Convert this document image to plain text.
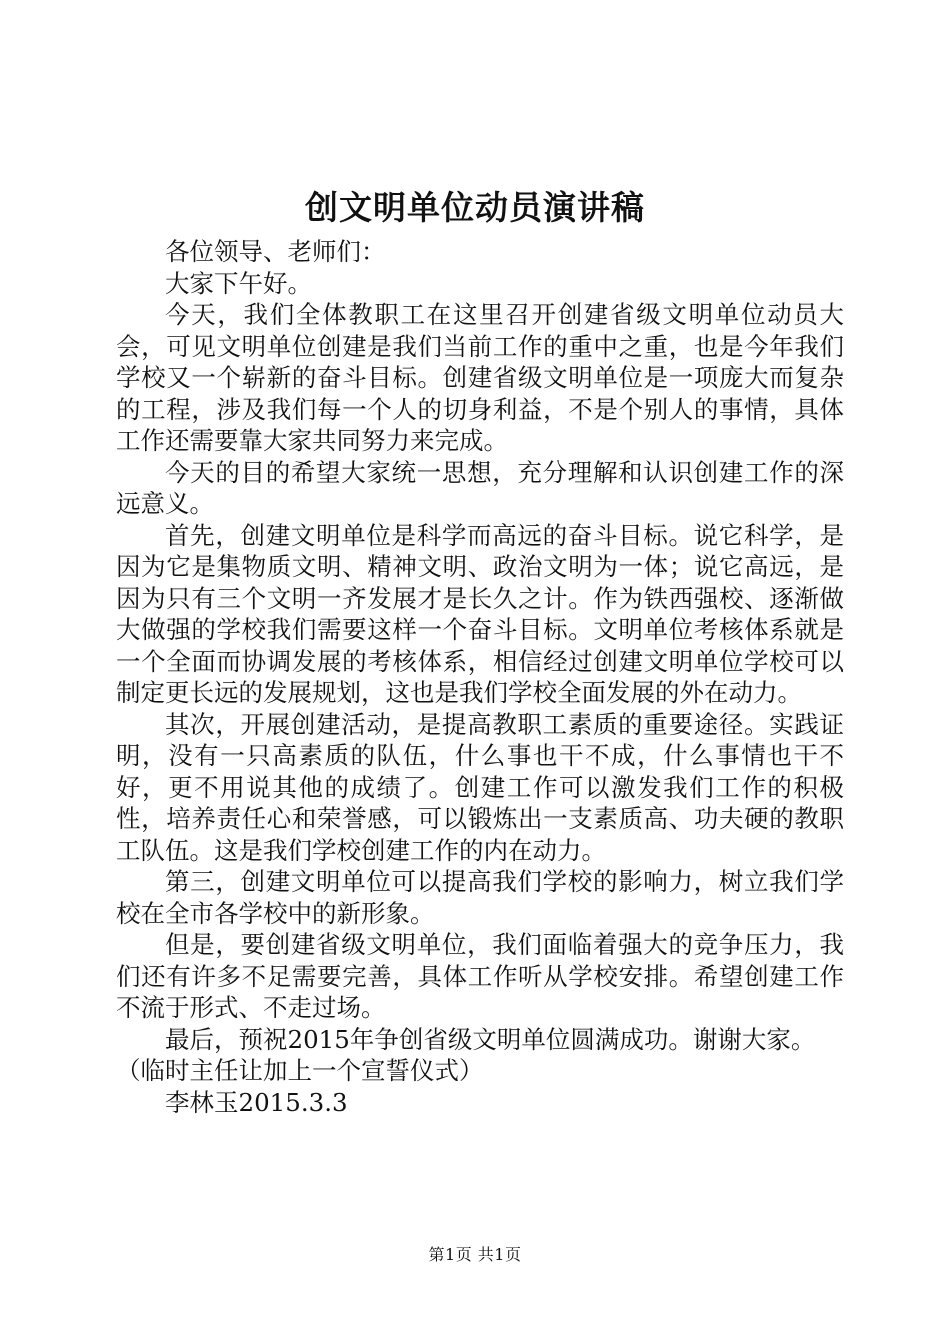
创文明单位动员演讲稿

各位领导、老师们：

大家下午好。

今天，我们全体教职工在这里召开创建省级文明单位动员大会，可见文明单位创建是我们当前工作的重中之重，也是今年我们学校又一个崭新的奋斗目标。创建省级文明单位是一项庞大而复杂的工程，涉及我们每一个人的切身利益，不是个别人的事情，具体工作还需要靠大家共同努力来完成。

今天的目的希望大家统一思想，充分理解和认识创建工作的深远意义。

首先，创建文明单位是科学而高远的奋斗目标。说它科学，是因为它是集物质文明、精神文明、政治文明为一体；说它高远，是因为只有三个文明一齐发展才是长久之计。作为铁西强校、逐渐做大做强的学校我们需要这样一个奋斗目标。文明单位考核体系就是一个全面而协调发展的考核体系，相信经过创建文明单位学校可以制定更长远的发展规划，这也是我们学校全面发展的外在动力。

其次，开展创建活动，是提高教职工素质的重要途径。实践证明，没有一只高素质的队伍，什么事也干不成，什么事情也干不好，更不用说其他的成绩了。创建工作可以激发我们工作的积极性，培养责任心和荣誉感，可以锻炼出一支素质高、功夫硬的教职工队伍。这是我们学校创建工作的内在动力。

第三，创建文明单位可以提高我们学校的影响力，树立我们学校在全市各学校中的新形象。

但是，要创建省级文明单位，我们面临着强大的竞争压力，我们还有许多不足需要完善，具体工作听从学校安排。希望创建工作不流于形式、不走过场。

最后，预祝2015年争创省级文明单位圆满成功。谢谢大家。

（临时主任让加上一个宣誓仪式）

李林玉2015.3.3

第1页 共1页
